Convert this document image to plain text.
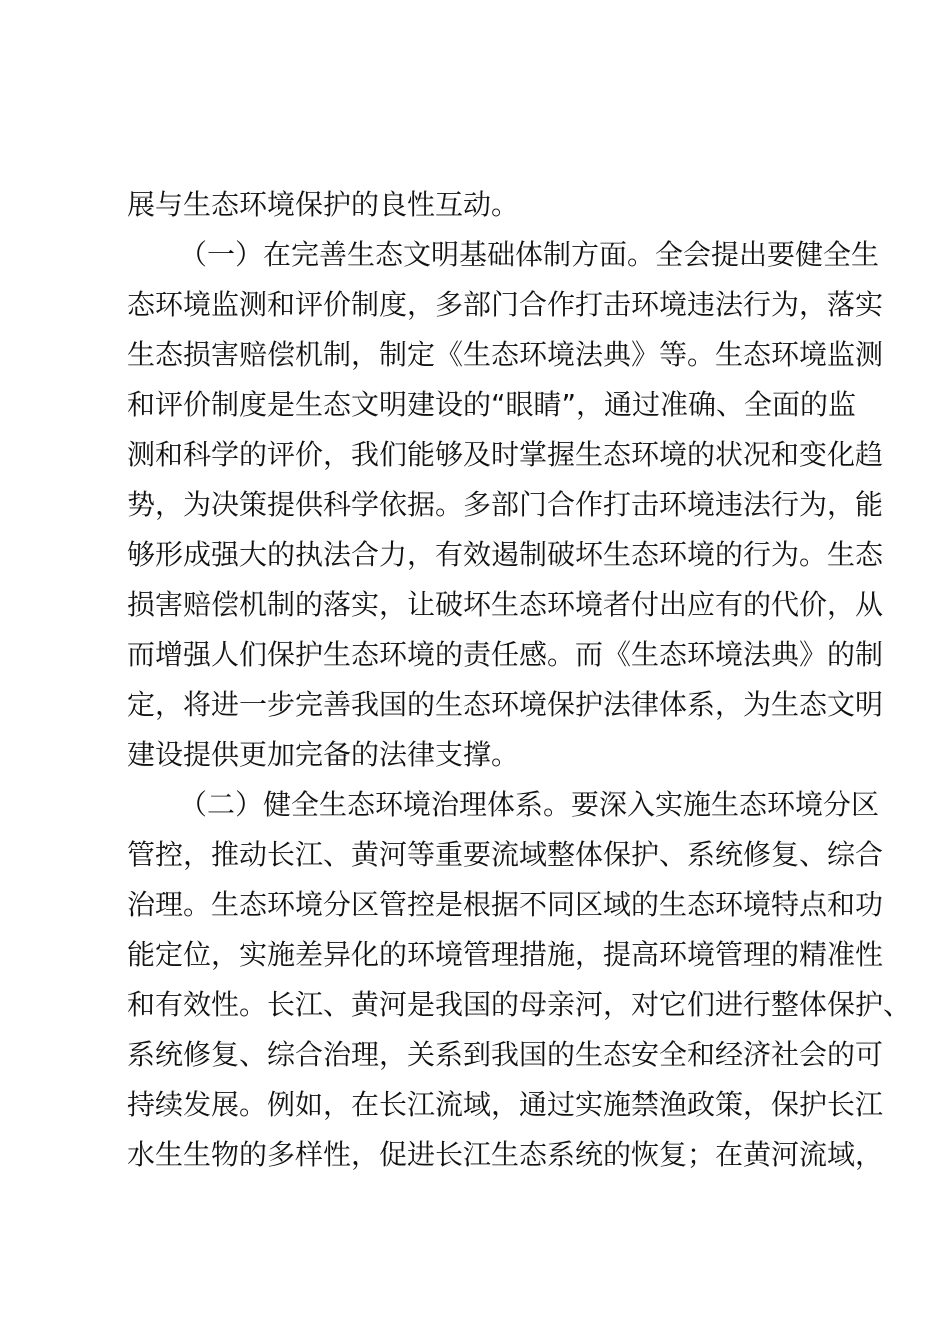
展与生态环境保护的良性互动。
（一）在完善生态文明基础体制方面。全会提出要健全生
态环境监测和评价制度，多部门合作打击环境违法行为，落实
生态损害赔偿机制，制定《生态环境法典》等。生态环境监测
和评价制度是生态文明建设的“眼睛”，通过准确、全面的监
测和科学的评价，我们能够及时掌握生态环境的状况和变化趋
势，为决策提供科学依据。多部门合作打击环境违法行为，能
够形成强大的执法合力，有效遏制破坏生态环境的行为。生态
损害赔偿机制的落实，让破坏生态环境者付出应有的代价，从
而增强人们保护生态环境的责任感。而《生态环境法典》的制
定，将进一步完善我国的生态环境保护法律体系，为生态文明
建设提供更加完备的法律支撑。
（二）健全生态环境治理体系。要深入实施生态环境分区
管控，推动长江、黄河等重要流域整体保护、系统修复、综合
治理。生态环境分区管控是根据不同区域的生态环境特点和功
能定位，实施差异化的环境管理措施，提高环境管理的精准性
和有效性。长江、黄河是我国的母亲河，对它们进行整体保护、
系统修复、综合治理，关系到我国的生态安全和经济社会的可
持续发展。例如，在长江流域，通过实施禁渔政策，保护长江
水生生物的多样性，促进长江生态系统的恢复；在黄河流域，
